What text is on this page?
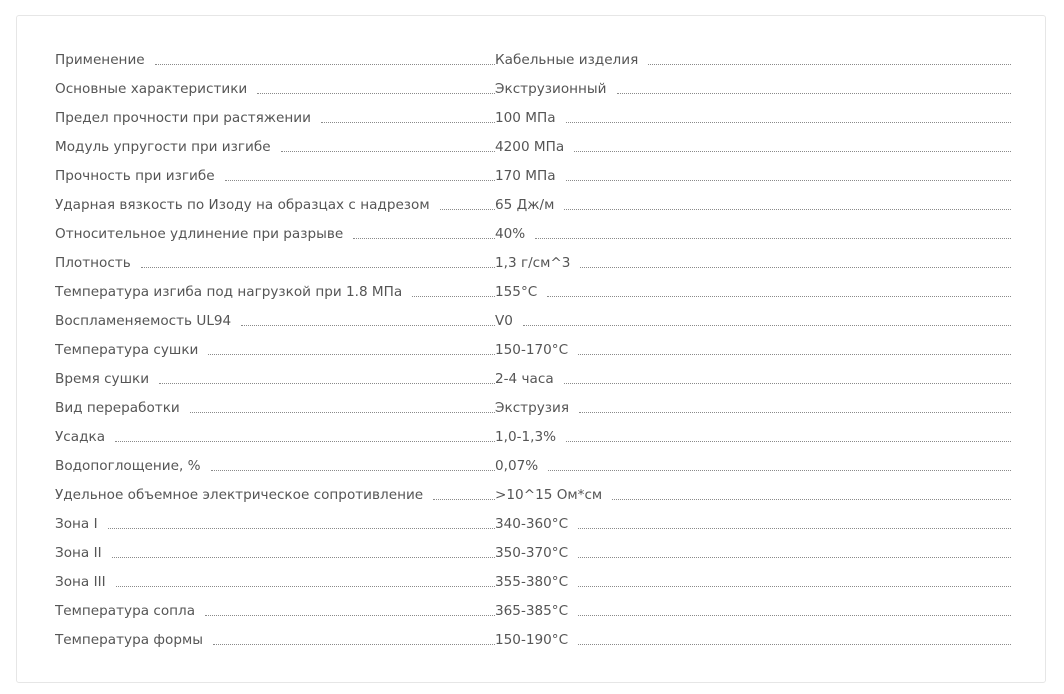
Применение	Кабельные изделия
Основные характеристики	Экструзионный
Предел прочности при растяжении	100 МПа
Модуль упругости при изгибе	4200 МПа
Прочность при изгибе	170 МПа
Ударная вязкость по Изоду на образцах с надрезом	65 Дж/м
Относительное удлинение при разрыве	40%
Плотность	1,3 г/см^3
Температура изгиба под нагрузкой при 1.8 МПа	155°C
Воспламеняемость UL94	V0
Температура сушки	150-170°C
Время сушки	2-4 часа
Вид переработки	Экструзия
Усадка	1,0-1,3%
Водопоглощение, %	0,07%
Удельное объемное электрическое сопротивление	>10^15 Ом*см
Зона I	340-360°C
Зона II	350-370°C
Зона III	355-380°C
Температура сопла	365-385°C
Температура формы	150-190°C
